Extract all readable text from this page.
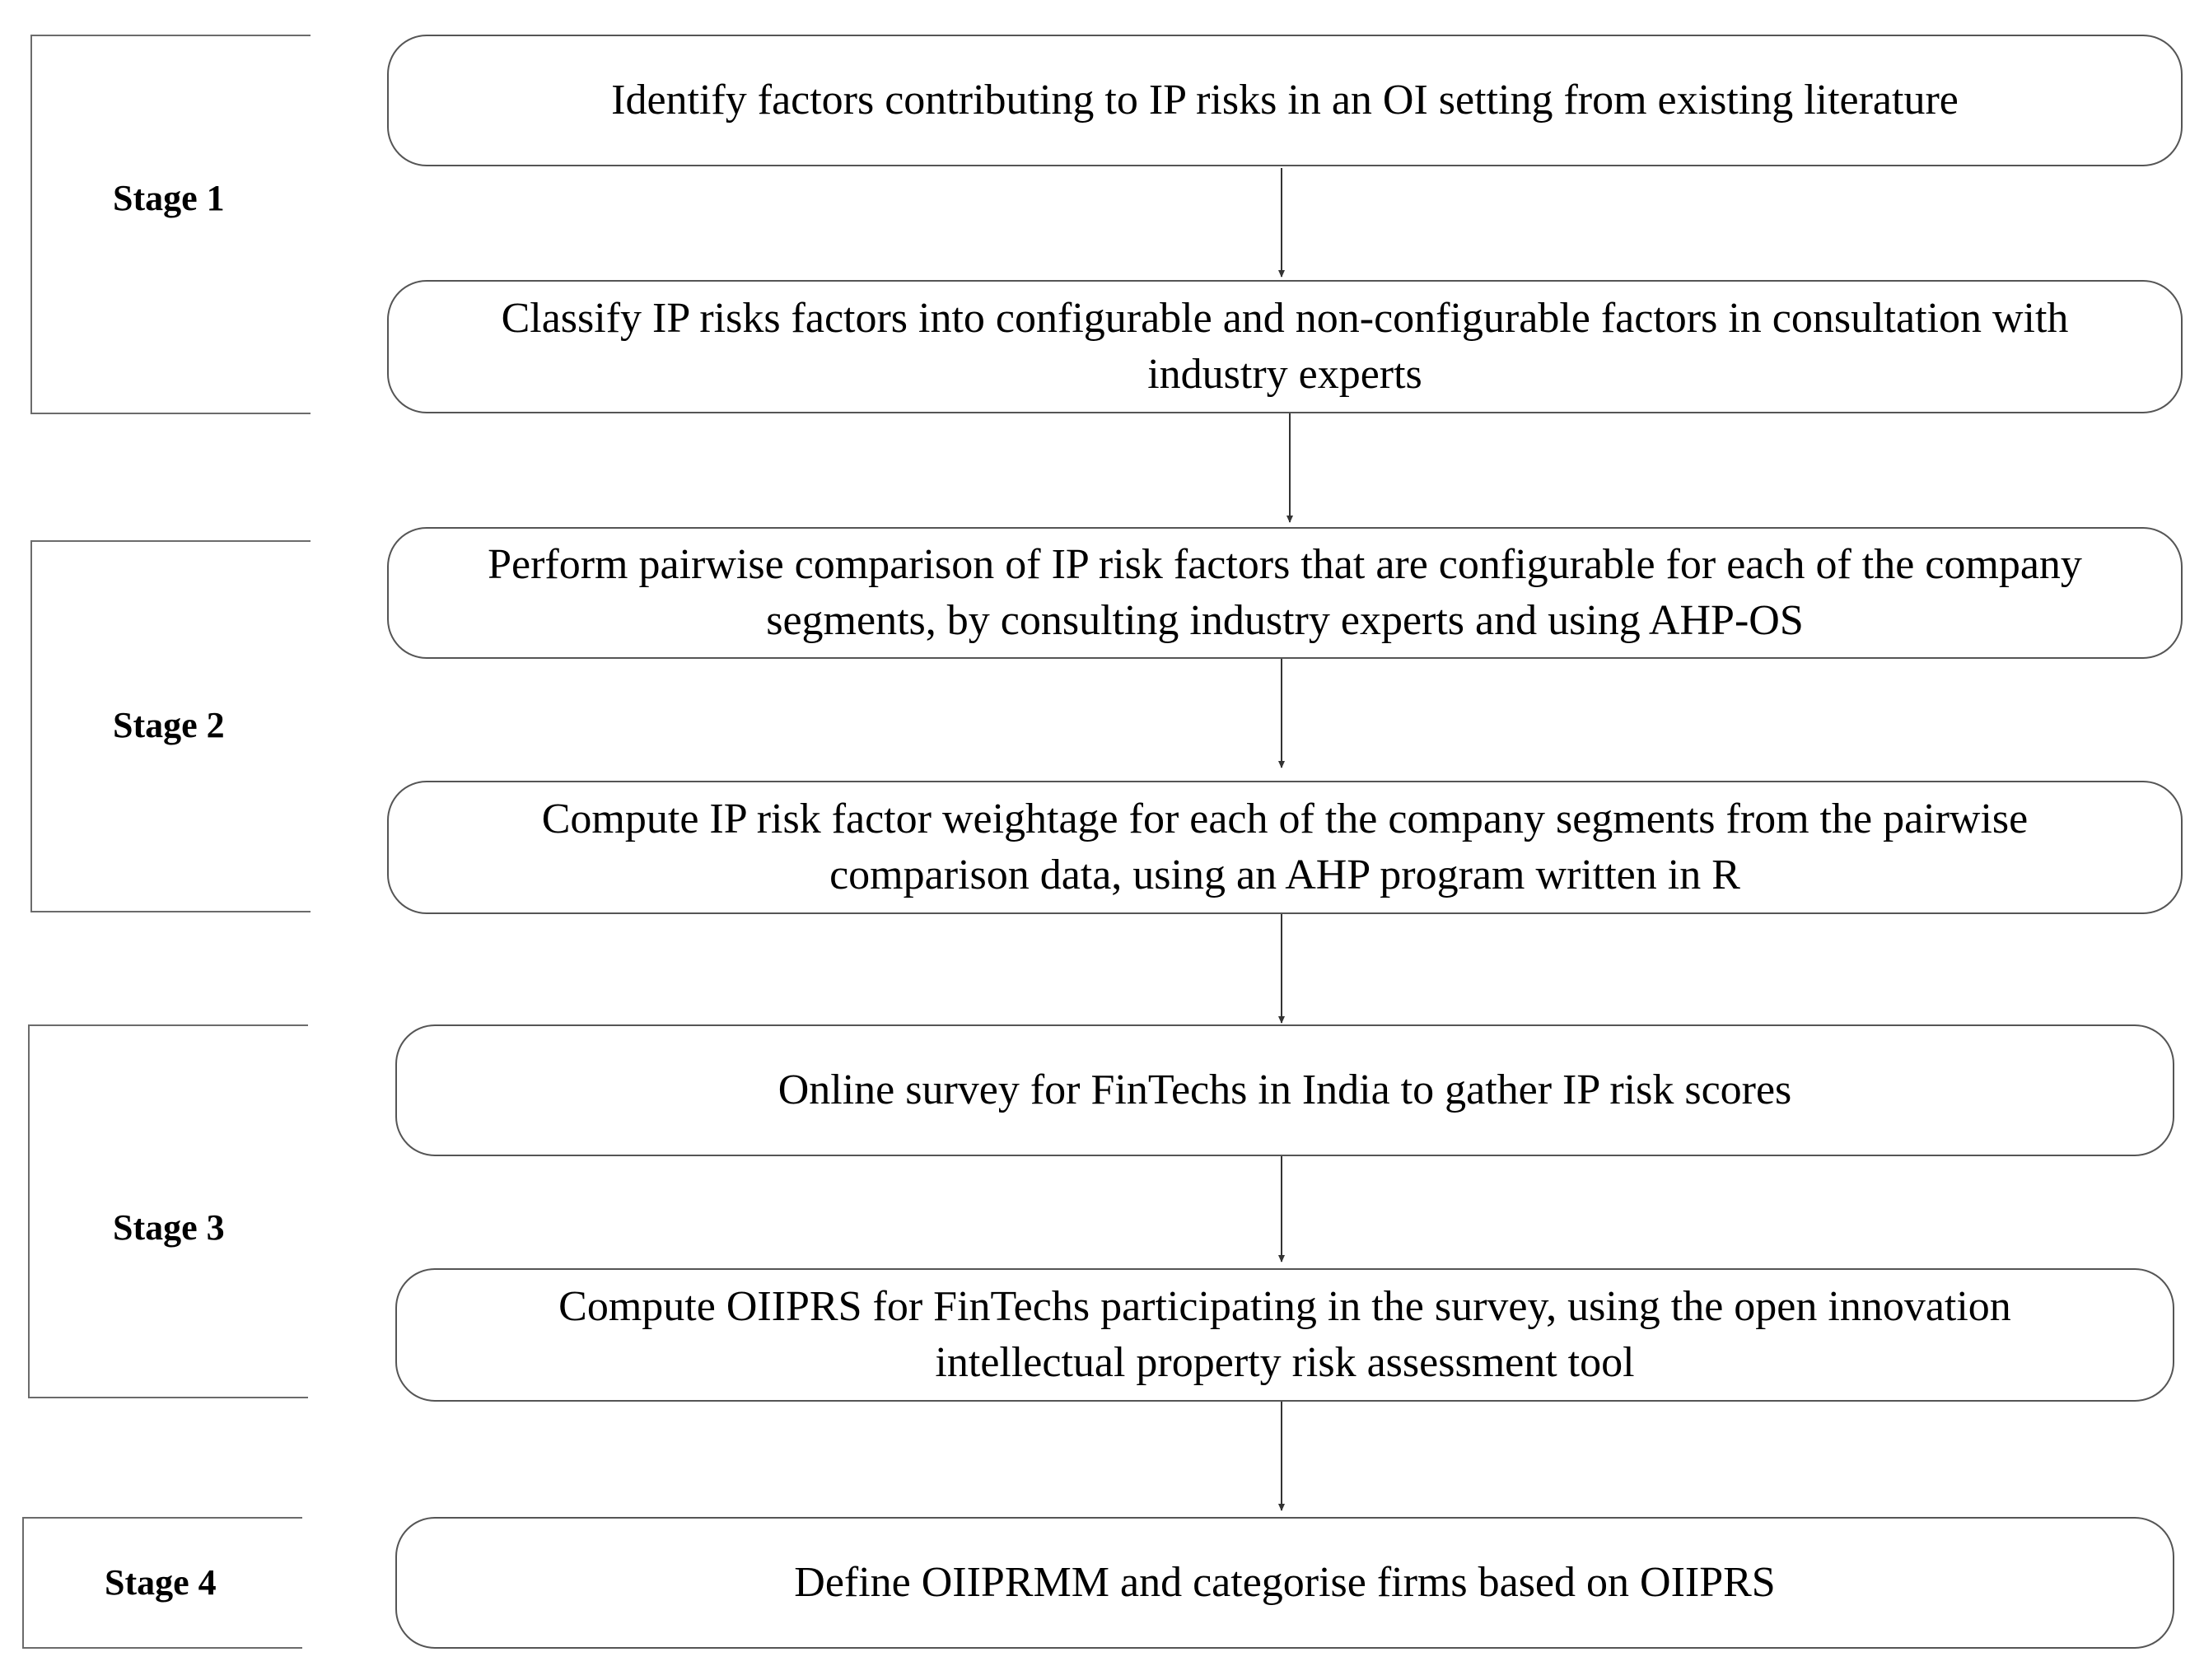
Stage 1
Stage 2
Stage 3
Stage 4
Identify factors contributing to IP risks in an OI setting from existing literature
Classify IP risks factors into configurable and non-configurable factors in consultation with industry experts
Perform pairwise comparison of IP risk factors that are configurable for each of the company segments, by consulting industry experts and using AHP-OS
Compute IP risk factor weightage for each of the company segments from the pairwise comparison data, using an AHP program written in R
Online survey for FinTechs in India to gather IP risk scores
Compute OIIPRS for FinTechs participating in the survey, using the open innovation intellectual property risk assessment tool
Define OIIPRMM and categorise firms based on OIIPRS
